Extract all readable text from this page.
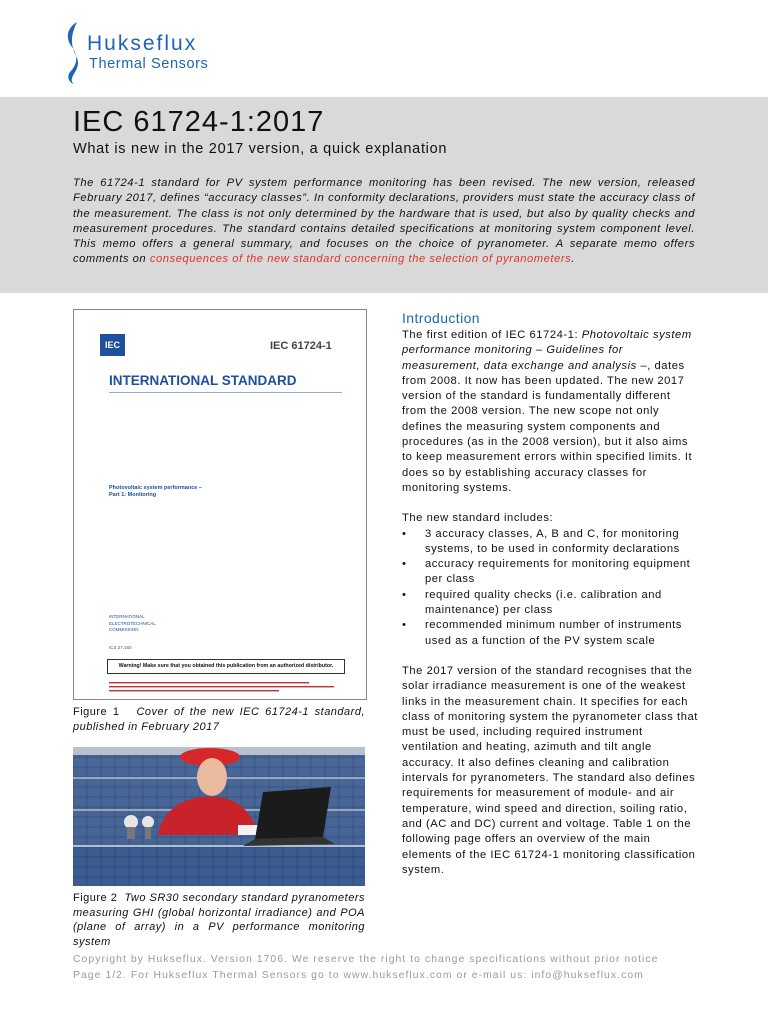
Hukseflux
Thermal Sensors
IEC 61724-1:2017
What is new in the 2017 version, a quick explanation

The 61724-1 standard for PV system performance monitoring has been revised. The new version, released February 2017, defines “accuracy classes”. In conformity declarations, providers must state the accuracy class of the measurement. The class is not only determined by the hardware that is used, but also by quality checks and measurement procedures. The standard contains detailed specifications at monitoring system component level. This memo offers a general summary, and focuses on the choice of pyranometer. A separate memo offers comments on consequences of the new standard concerning the selection of pyranometers.

IEC	IEC 61724-1
INTERNATIONAL STANDARD
Photovoltaic system performance –
Part 1: Monitoring
INTERNATIONAL
ELECTROTECHNICAL
COMMISSION
ICS 27.160
Warning! Make sure that you obtained this publication from an authorized distributor.

Figure 1 Cover of the new IEC 61724-1 standard, published in February 2017

Figure 2 Two SR30 secondary standard pyranometers measuring GHI (global horizontal irradiance) and POA (plane of array) in a PV performance monitoring system

Introduction

The first edition of IEC 61724-1: Photovoltaic system performance monitoring – Guidelines for measurement, data exchange and analysis –, dates from 2008. It now has been updated. The new 2017 version of the standard is fundamentally different from the 2008 version. The new scope not only defines the measuring system components and procedures (as in the 2008 version), but it also aims to keep measurement errors within specified limits. It does so by establishing accuracy classes for monitoring systems.

The new standard includes:

• 3 accuracy classes, A, B and C, for monitoring systems, to be used in conformity declarations
• accuracy requirements for monitoring equipment per class
• required quality checks (i.e. calibration and maintenance) per class
• recommended minimum number of instruments used as a function of the PV system scale

The 2017 version of the standard recognises that the solar irradiance measurement is one of the weakest links in the measurement chain. It specifies for each class of monitoring system the pyranometer class that must be used, including required instrument ventilation and heating, azimuth and tilt angle accuracy. It also defines cleaning and calibration intervals for pyranometers. The standard also defines requirements for measurement of module- and air temperature, wind speed and direction, soiling ratio, and (AC and DC) current and voltage. Table 1 on the following page offers an overview of the main elements of the IEC 61724-1 monitoring classification system.

Copyright by Hukseflux. Version 1706. We reserve the right to change specifications without prior notice
Page 1/2. For Hukseflux Thermal Sensors go to www.hukseflux.com or e-mail us: info@hukseflux.com
